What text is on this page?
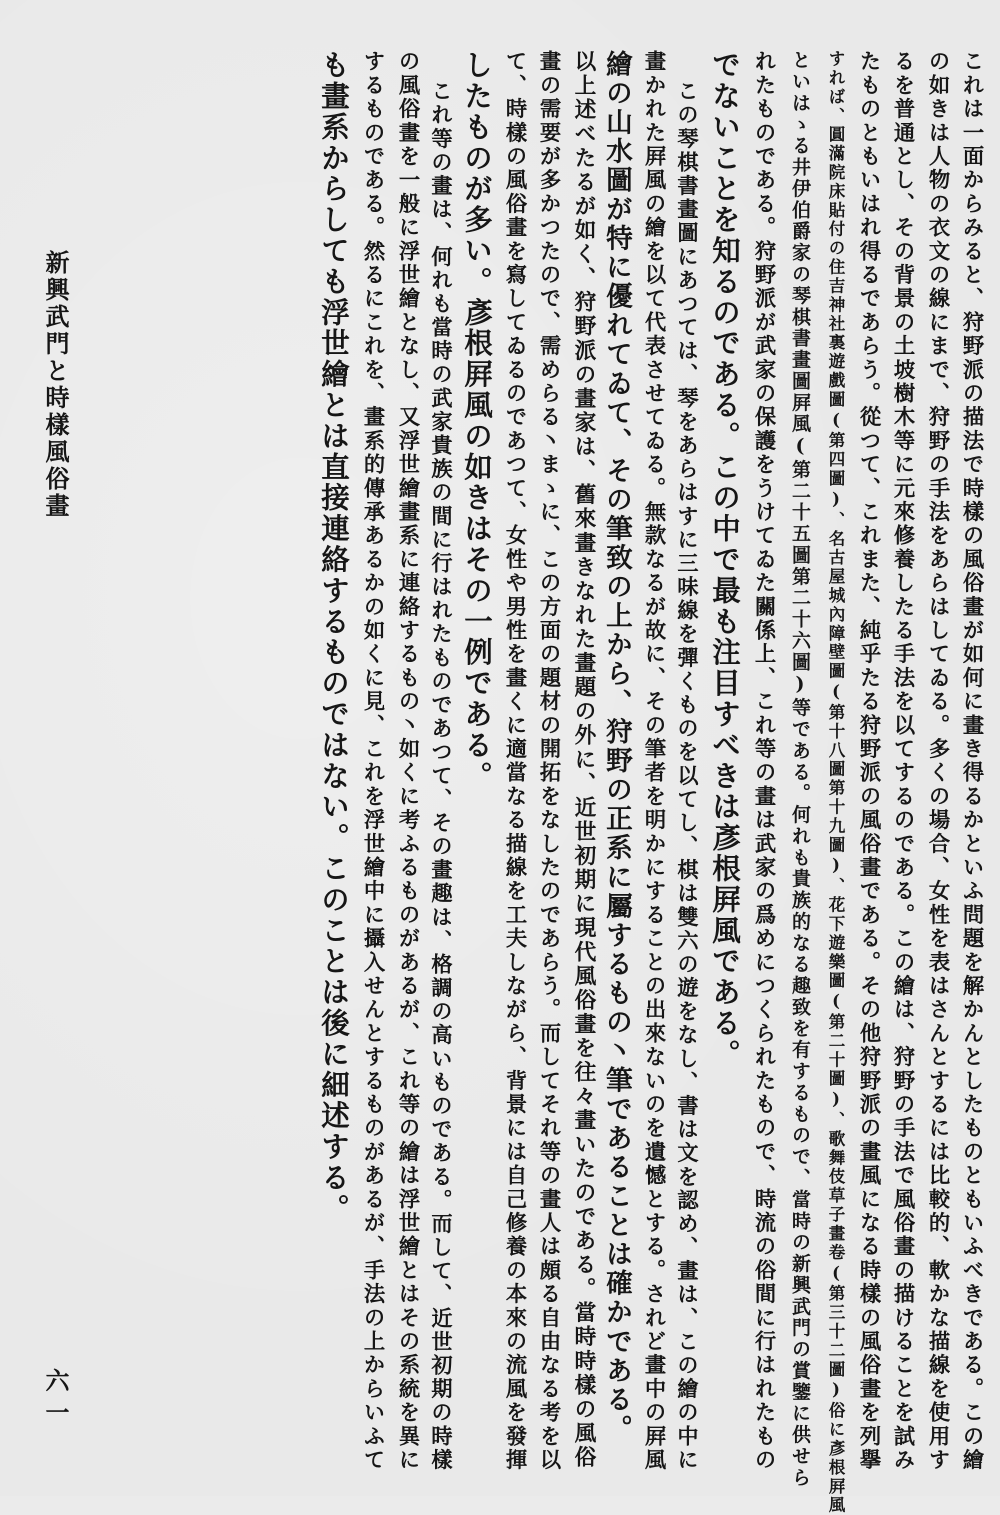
これは一面からみると、狩野派の描法で時樣の風俗畫が如何に畫き得るかといふ問題を解かんとしたものともいふべきである。この繪
の如きは人物の衣文の線にまで、狩野の手法をあらはしてゐる。多くの場合、女性を表はさんとするには比較的、軟かな描線を使用す
るを普通とし、その背景の土坡樹木等に元來修養したる手法を以てするのである。この繪は、狩野の手法で風俗畫の描けることを試み
たものともいはれ得るであらう。從つて、これまた、純乎たる狩野派の風俗畫である。その他狩野派の畫風になる時樣の風俗畫を列擧
すれば、圓滿院床貼付の住吉神社裏遊戲圖(第四圖)、名古屋城內障壁圖(第十八圖第十九圖)、花下遊樂圖(第二十圖)、歌舞伎草子畫卷(第三十二圖)俗に彥根屛風
といはゝる井伊伯爵家の琴棋書畫圖屛風(第二十五圖第二十六圖)等である。何れも貴族的なる趣致を有するもので、當時の新興武門の賞鑒に供せら
れたものである。狩野派が武家の保護をうけてゐた關係上、これ等の畫は武家の爲めにつくられたもので、時流の俗間に行はれたもの
でないことを知るのである。この中で最も注目すべきは彥根屛風である。
この琴棋書畫圖にあつては、琴をあらはすに三味線を彈くものを以てし、棋は雙六の遊をなし、書は文を認め、畫は、この繪の中に
畫かれた屛風の繪を以て代表させてゐる。無款なるが故に、その筆者を明かにすることの出來ないのを遺憾とする。されど畫中の屛風
繪の山水圖が特に優れてゐて、その筆致の上から、狩野の正系に屬するもの丶筆であることは確かである。
以上述べたるが如く、狩野派の畫家は、舊來畫きなれた畫題の外に、近世初期に現代風俗畫を往々畫いたのである。當時時樣の風俗
畫の需要が多かつたので、需めらる丶まゝに、この方面の題材の開拓をなしたのであらう。而してそれ等の畫人は頗る自由なる考を以
て、時樣の風俗畫を寫してゐるのであつて、女性や男性を畫くに適當なる描線を工夫しながら、背景には自己修養の本來の流風を發揮
したものが多い。彥根屛風の如きはその一例である。
これ等の畫は、何れも當時の武家貴族の間に行はれたものであつて、その畫趣は、格調の高いものである。而して、近世初期の時樣
の風俗畫を一般に浮世繪となし、又浮世繪畫系に連絡するもの丶如くに考ふるものがあるが、これ等の繪は浮世繪とはその系統を異に
するものである。然るにこれを、畫系的傳承あるかの如くに見、これを浮世繪中に攝入せんとするものがあるが、手法の上からいふて
も畫系からしても浮世繪とは直接連絡するものではない。このことは後に細述する。
新興武門と時樣風俗畫
六一
